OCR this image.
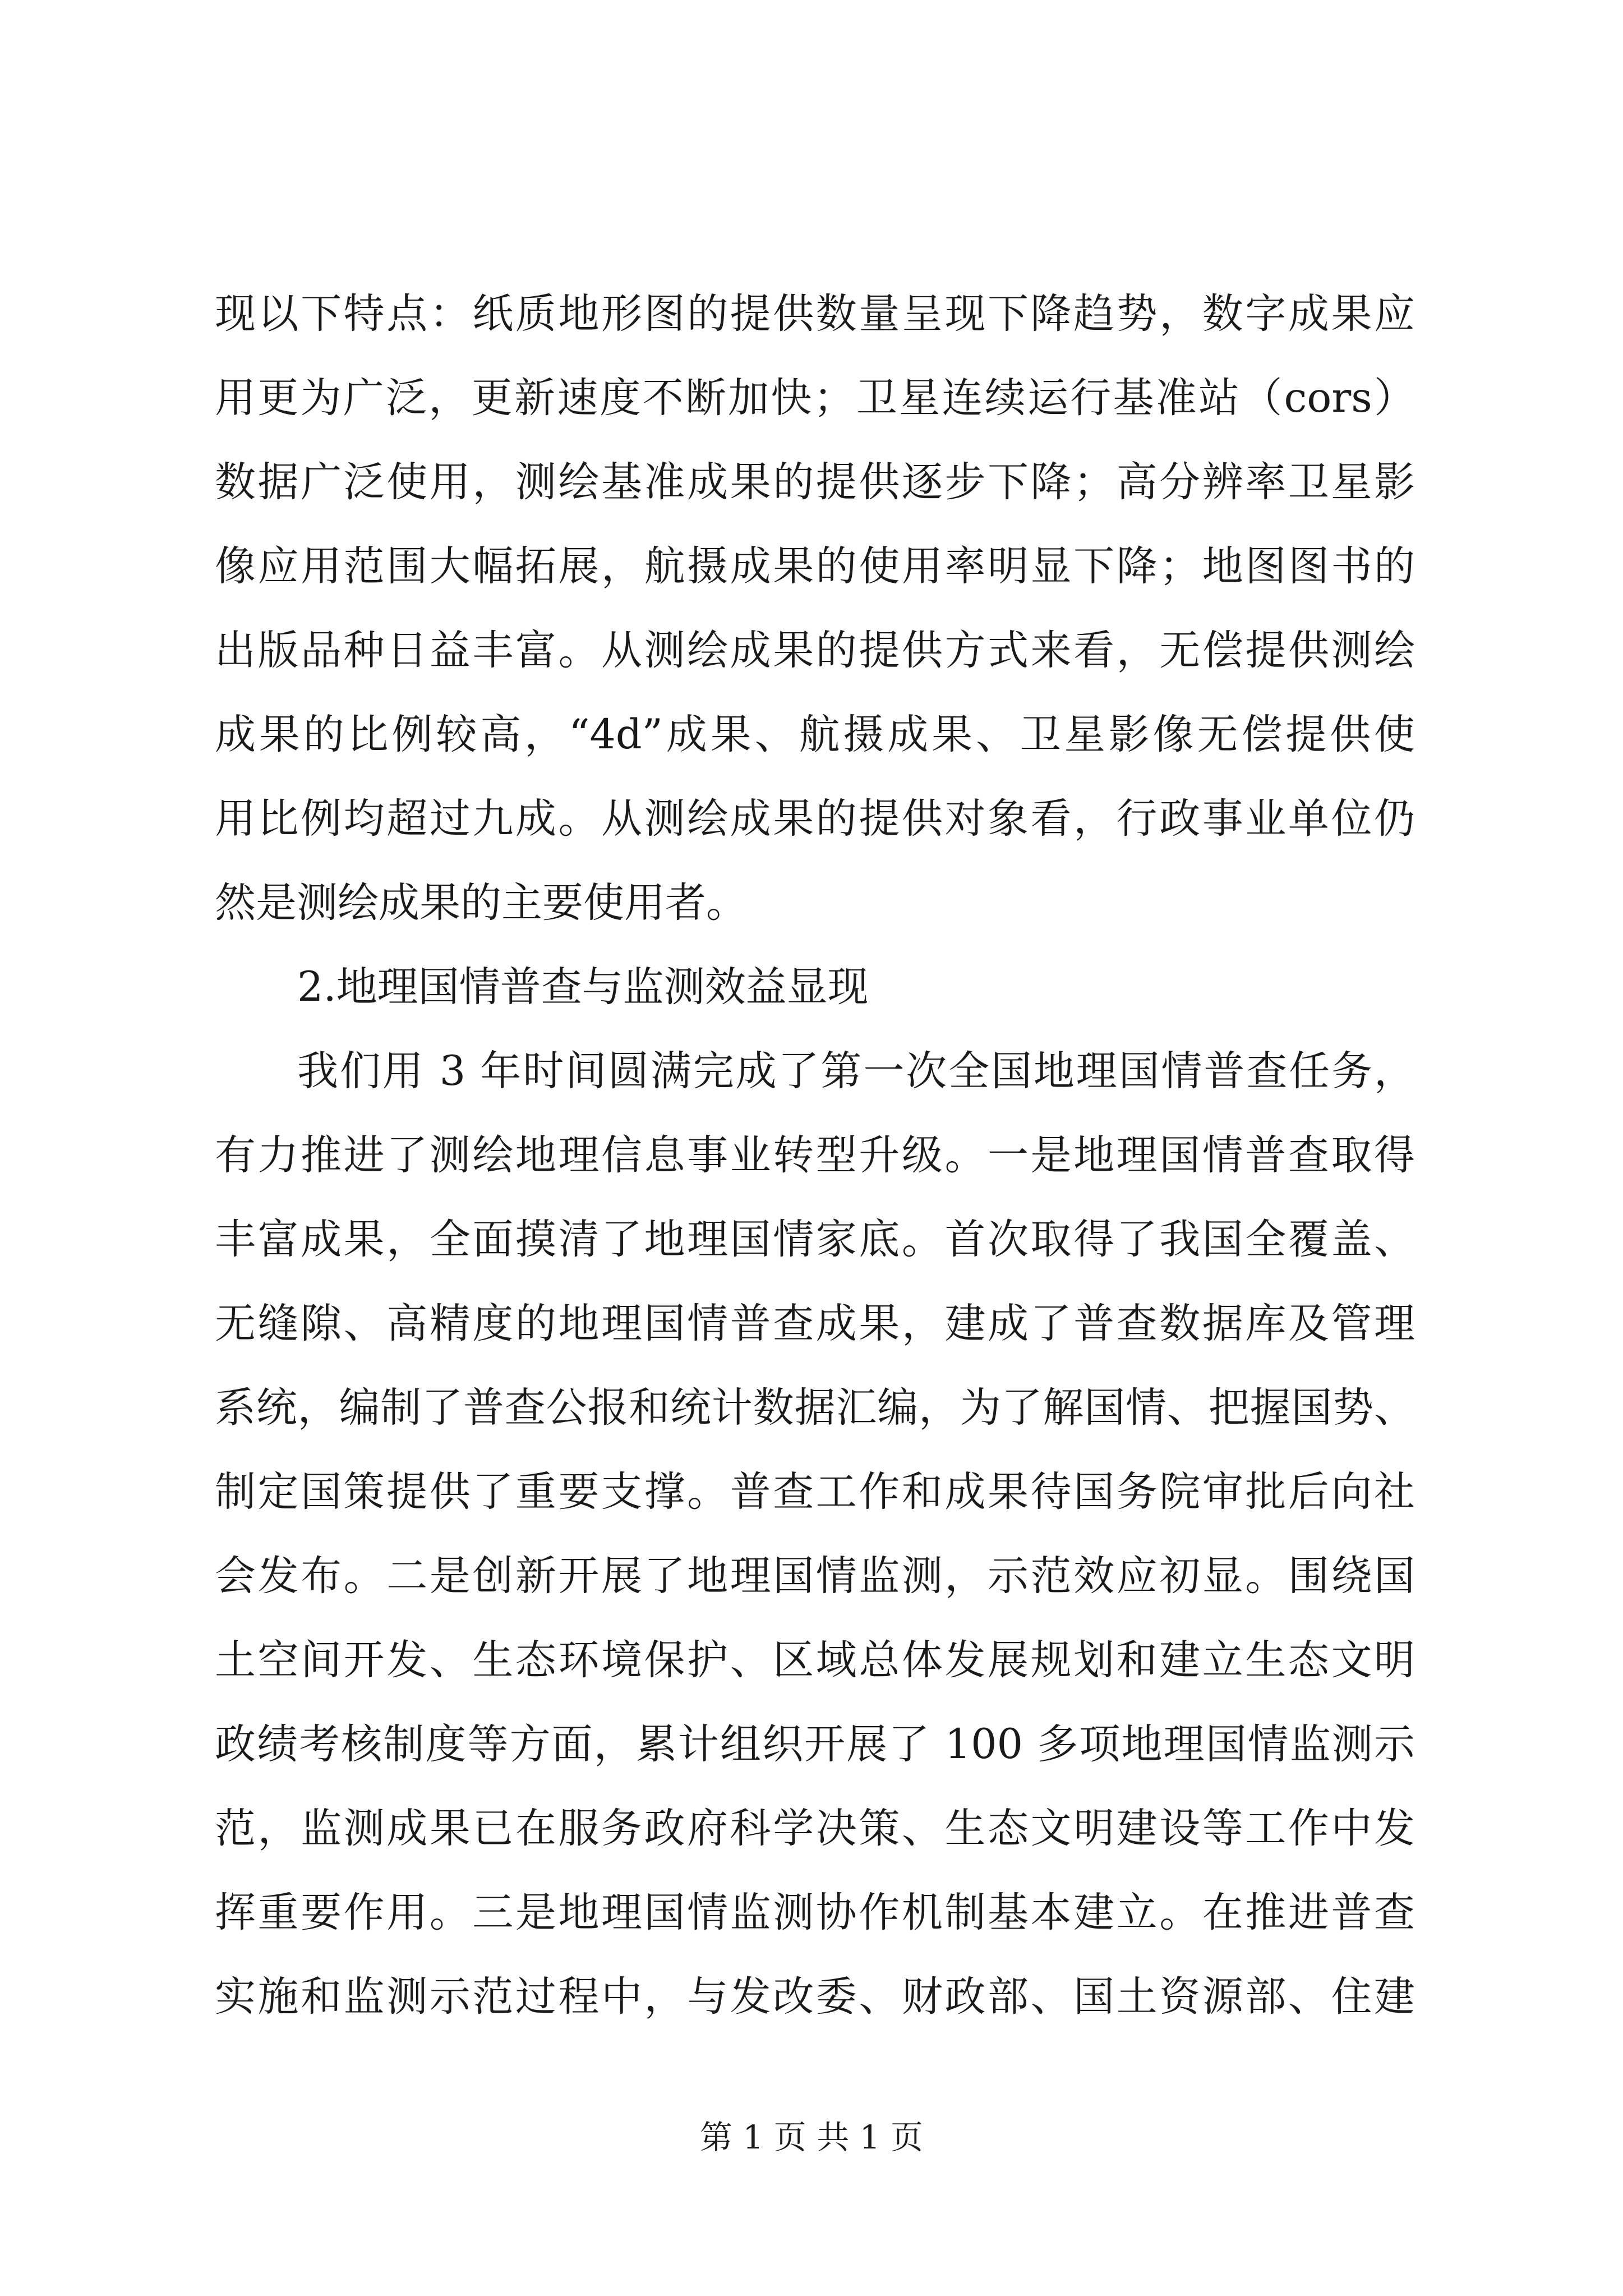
现以下特点：纸质地形图的提供数量呈现下降趋势，数字成果应
用更为广泛，更新速度不断加快；卫星连续运行基准站（cors）
数据广泛使用，测绘基准成果的提供逐步下降；高分辨率卫星影
像应用范围大幅拓展，航摄成果的使用率明显下降；地图图书的
出版品种日益丰富。从测绘成果的提供方式来看，无偿提供测绘
成果的比例较高，“4d”成果、航摄成果、卫星影像无偿提供使
用比例均超过九成。从测绘成果的提供对象看，行政事业单位仍
然是测绘成果的主要使用者。
2.地理国情普查与监测效益显现
我们用 3 年时间圆满完成了第一次全国地理国情普查任务，
有力推进了测绘地理信息事业转型升级。一是地理国情普查取得
丰富成果，全面摸清了地理国情家底。首次取得了我国全覆盖、
无缝隙、高精度的地理国情普查成果，建成了普查数据库及管理
系统，编制了普查公报和统计数据汇编，为了解国情、把握国势、
制定国策提供了重要支撑。普查工作和成果待国务院审批后向社
会发布。二是创新开展了地理国情监测，示范效应初显。围绕国
土空间开发、生态环境保护、区域总体发展规划和建立生态文明
政绩考核制度等方面，累计组织开展了 100 多项地理国情监测示
范，监测成果已在服务政府科学决策、生态文明建设等工作中发
挥重要作用。三是地理国情监测协作机制基本建立。在推进普查
实施和监测示范过程中，与发改委、财政部、国土资源部、住建
第 1 页 共 1 页
